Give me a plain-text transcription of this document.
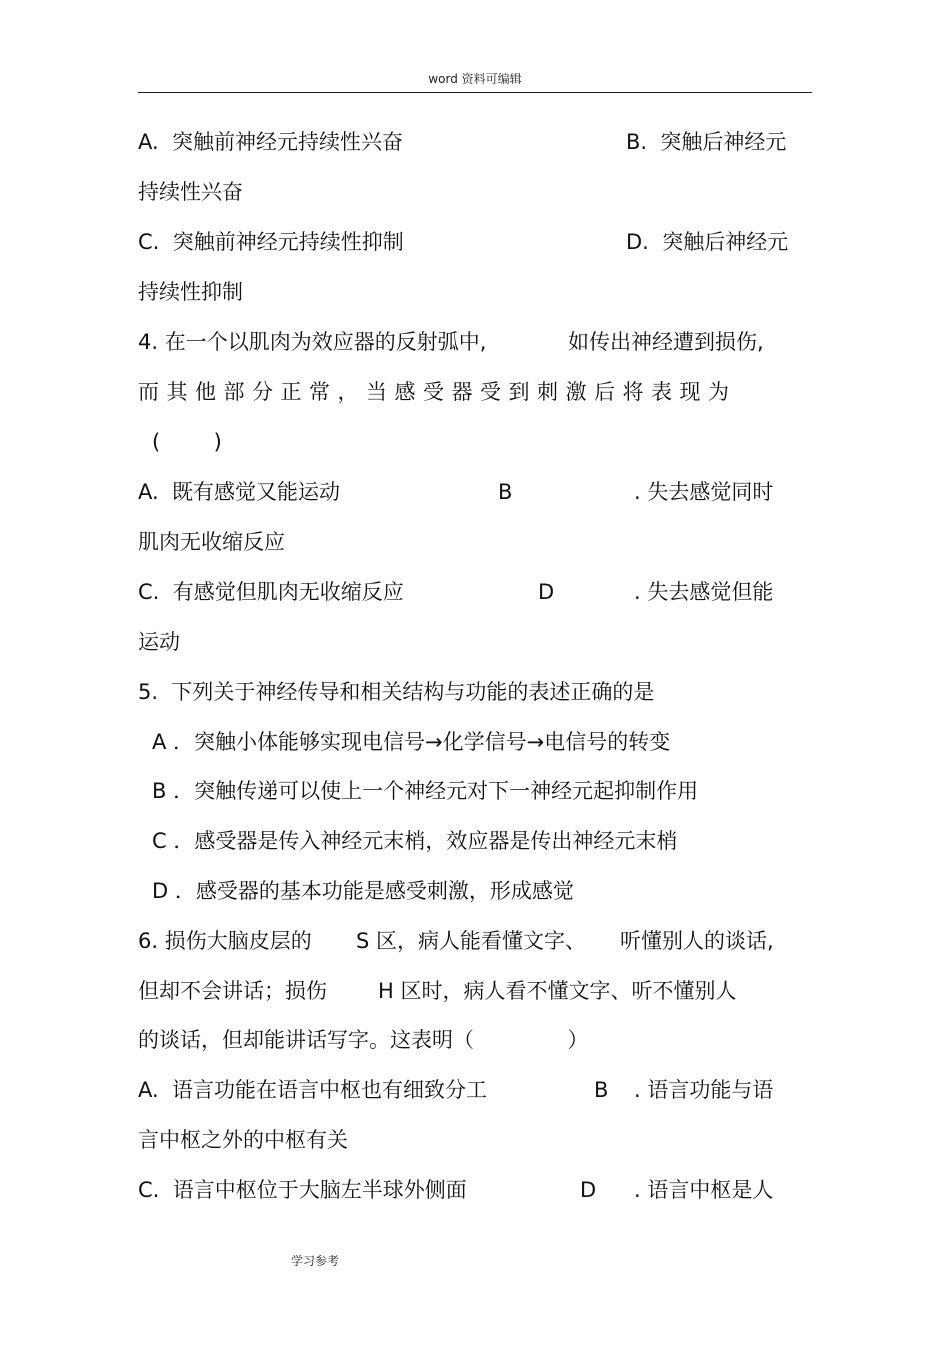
word 资料可编辑
A.  突触前神经元持续性兴奋	B.  突触后神经元
持续性兴奋
C.  突触前神经元持续性抑制	D.  突触后神经元
持续性抑制
4. 在一个以肌肉为效应器的反射弧中,	如传出神经遭到损伤,
而其他部分正常，当感受器受到刺激后将表现为
(        )
A.  既有感觉又能运动	B	. 失去感觉同时
肌肉无收缩反应
C.  有感觉但肌肉无收缩反应	D	. 失去感觉但能
运动
5.  下列关于神经传导和相关结构与功能的表述正确的是
A ．突触小体能够实现电信号→化学信号→电信号的转变
B ．突触传递可以使上一个神经元对下一神经元起抑制作用
C ．感受器是传入神经元末梢，效应器是传出神经元末梢
D ．感受器的基本功能是感受刺激，形成感觉
6. 损伤大脑皮层的 S 区，病人能看懂文字、 听懂别人的谈话,
但却不会讲话；损伤 H 区时，病人看不懂文字、听不懂别人
的谈话，但却能讲话写字。这表明（              ）
A.  语言功能在语言中枢也有细致分工	B . 语言功能与语
言中枢之外的中枢有关
C.  语言中枢位于大脑左半球外侧面	D . 语言中枢是人
学习参考
